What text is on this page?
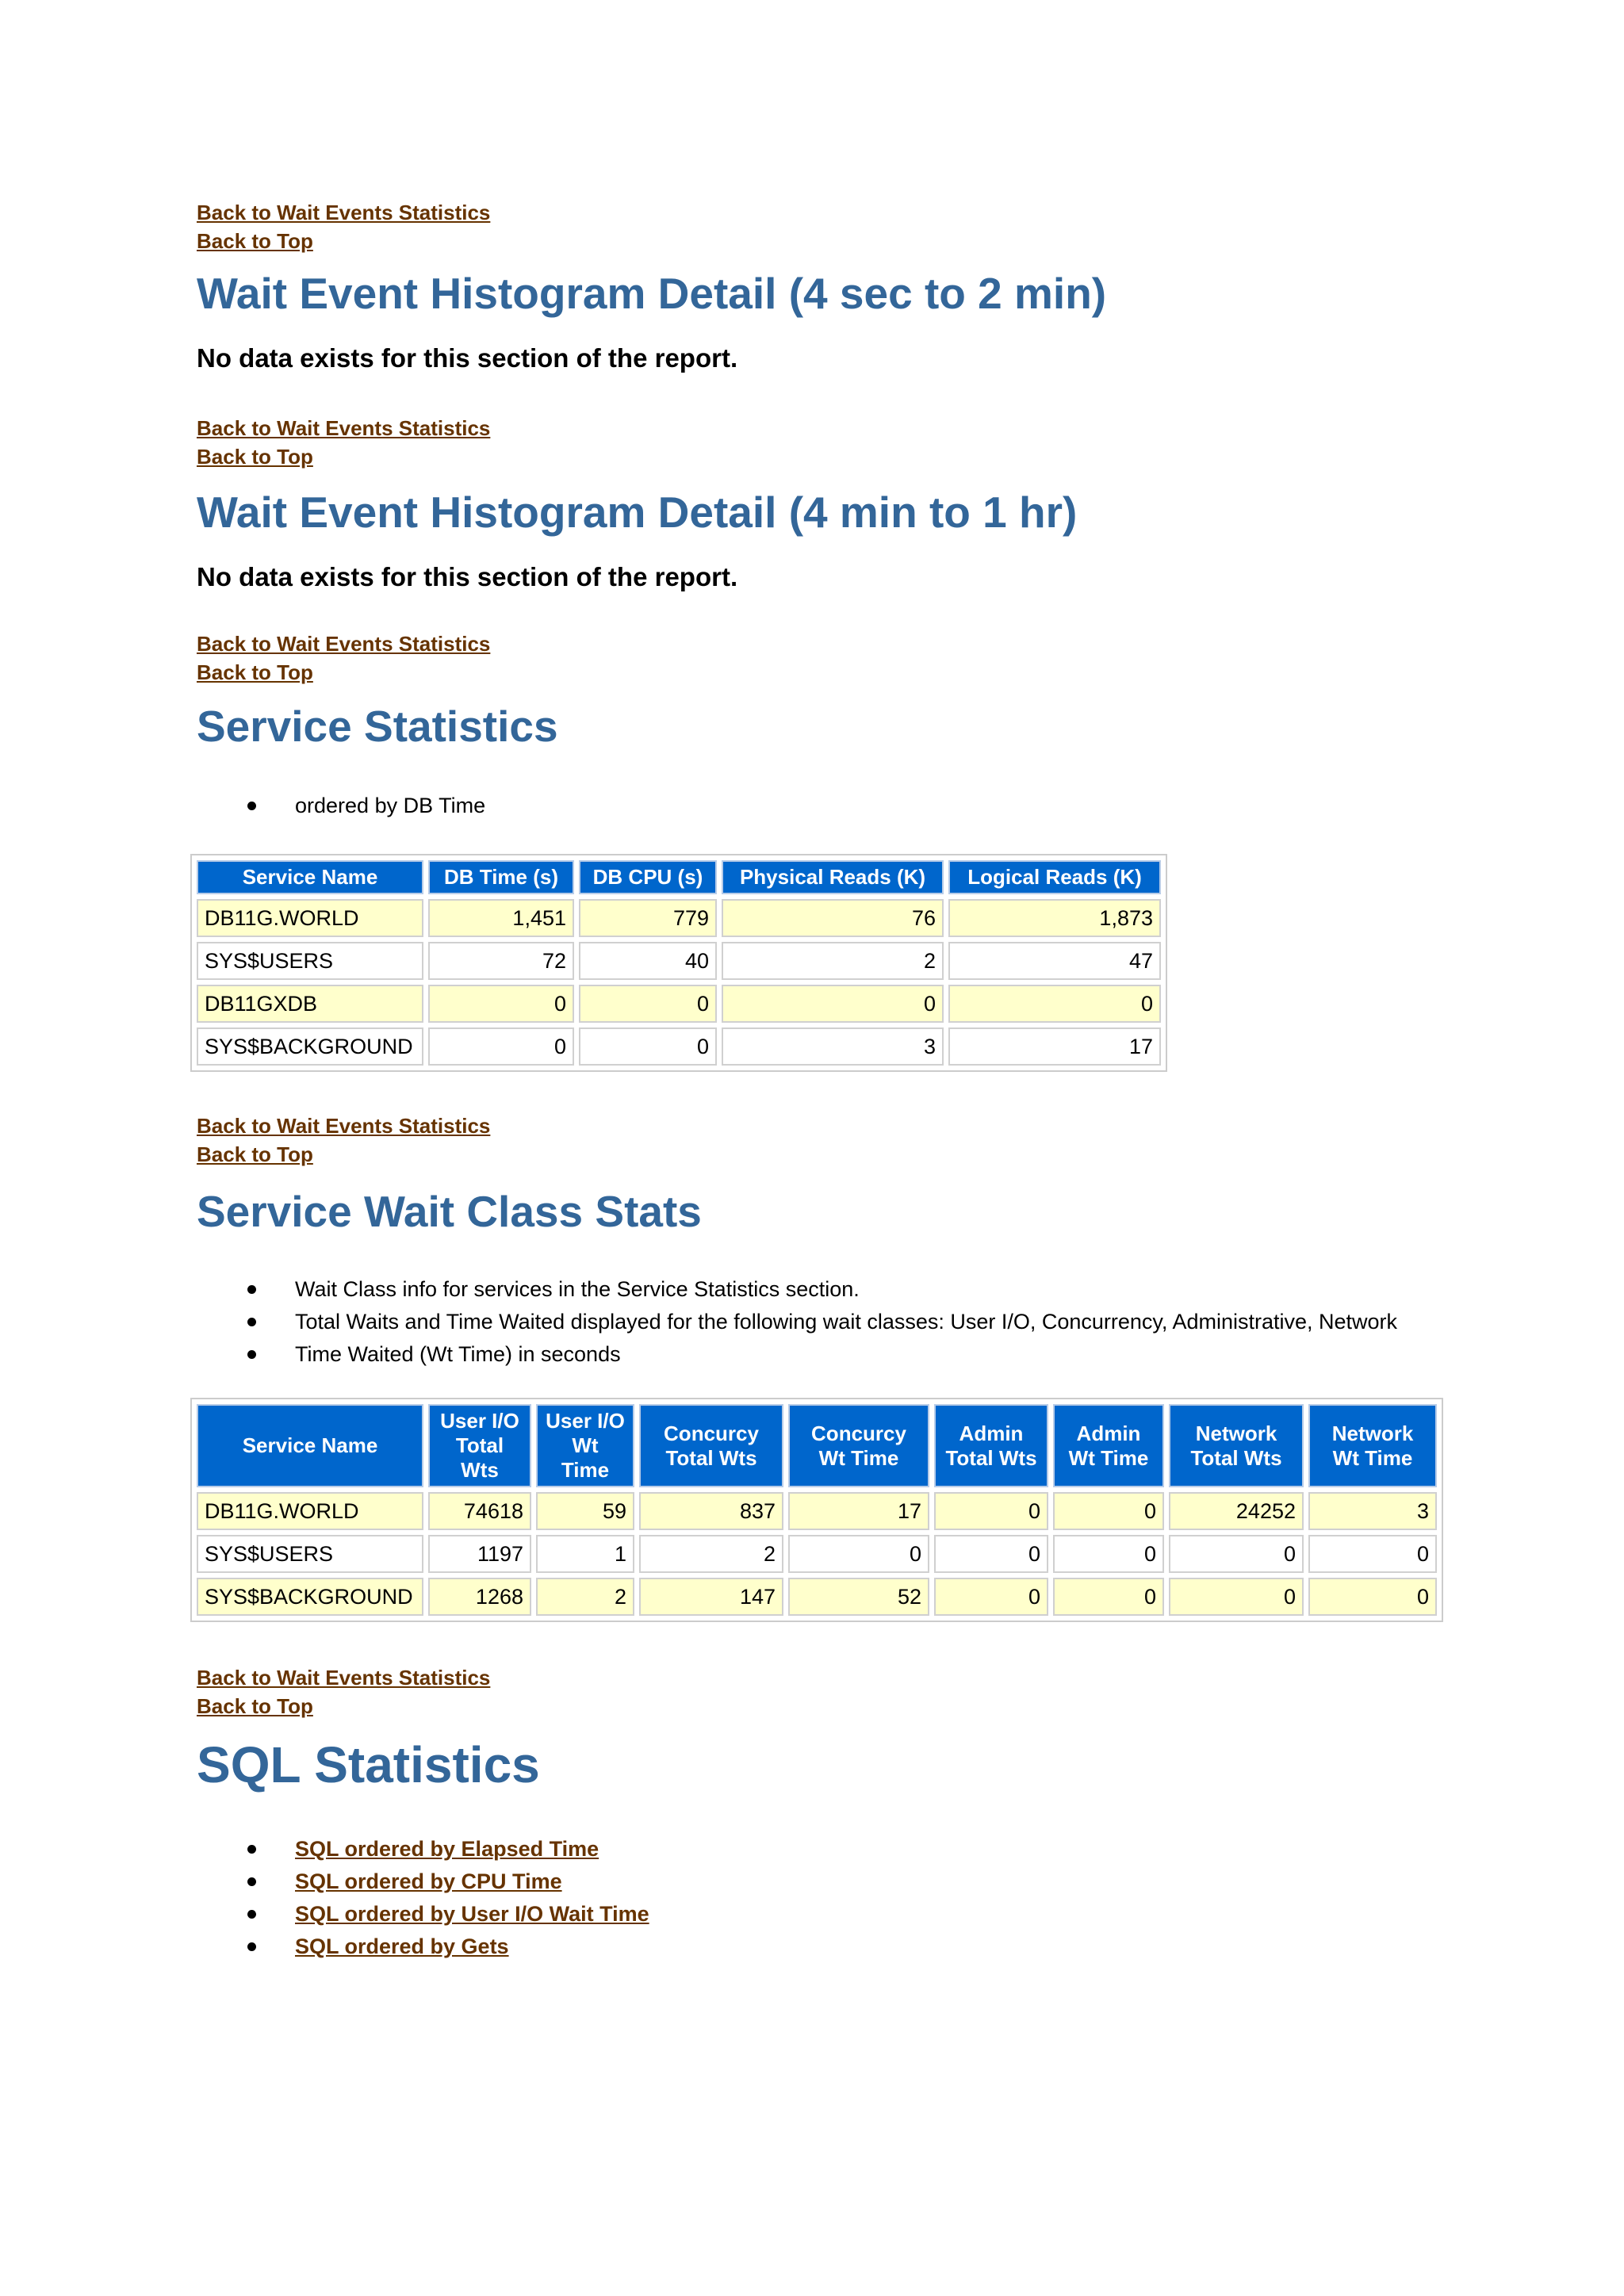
Back to Wait Events Statistics
Back to Top
Wait Event Histogram Detail (4 sec to 2 min)

No data exists for this section of the report.

Back to Wait Events Statistics
Back to Top
Wait Event Histogram Detail (4 min to 1 hr)

No data exists for this section of the report.

Back to Wait Events Statistics
Back to Top
Service Statistics
ordered by DB Time
Service Name	DB Time (s)	DB CPU (s)	Physical Reads (K)	Logical Reads (K)
DB11G.WORLD	1,451	779	76	1,873
SYS$USERS	72	40	2	47
DB11GXDB	0	0	0	0
SYS$BACKGROUND	0	0	3	17
Back to Wait Events Statistics
Back to Top
Service Wait Class Stats
Wait Class info for services in the Service Statistics section.
Total Waits and Time Waited displayed for the following wait classes: User I/O, Concurrency, Administrative, Network
Time Waited (Wt Time) in seconds
Service Name	User I/O Total Wts	User I/O Wt Time	Concurcy Total Wts	Concurcy Wt Time	Admin Total Wts	Admin Wt Time	Network Total Wts	Network Wt Time
DB11G.WORLD	74618	59	837	17	0	0	24252	3
SYS$USERS	1197	1	2	0	0	0	0	0
SYS$BACKGROUND	1268	2	147	52	0	0	0	0
Back to Wait Events Statistics
Back to Top
SQL Statistics
SQL ordered by Elapsed Time
SQL ordered by CPU Time
SQL ordered by User I/O Wait Time
SQL ordered by Gets
